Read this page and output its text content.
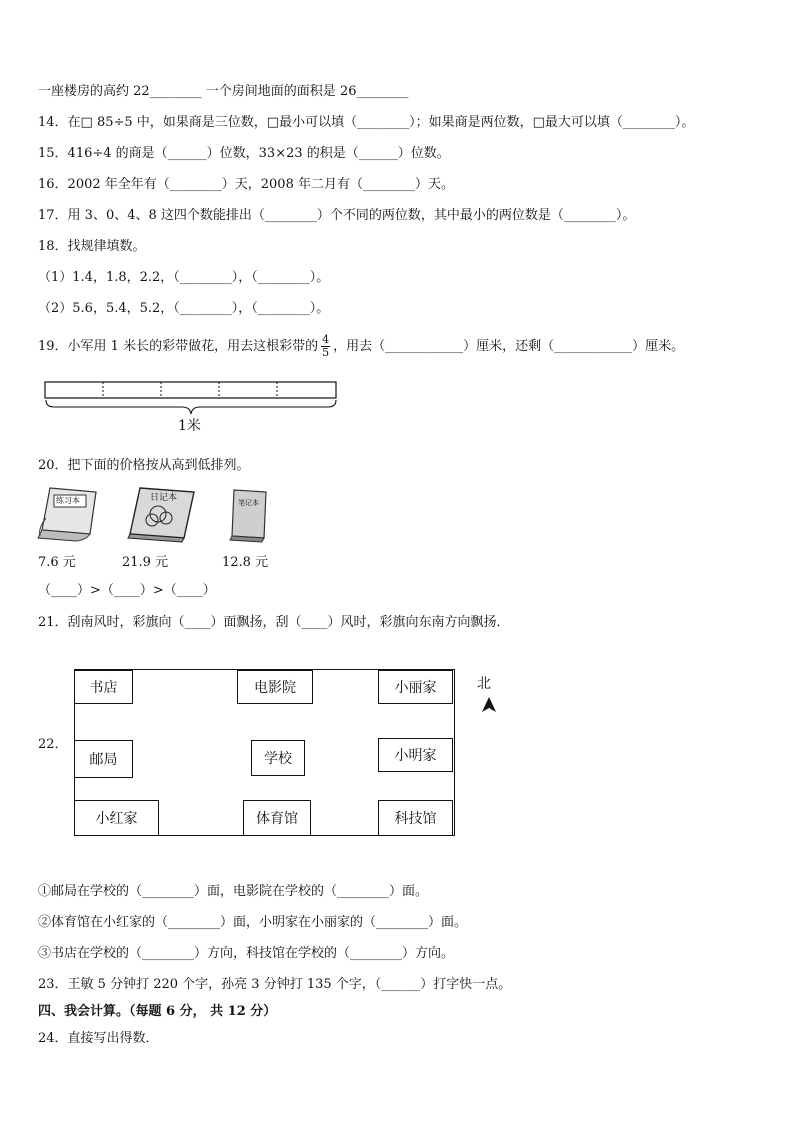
一座楼房的高约 22________ 一个房间地面的面积是 26________
14．在□ 85÷5 中，如果商是三位数，□最小可以填（________）；如果商是两位数，□最大可以填（________）。
15．416÷4 的商是（______）位数，33×23 的积是（______）位数。
16．2002 年全年有（________）天，2008 年二月有（________）天。
17．用 3、0、4、8 这四个数能排出（________）个不同的两位数，其中最小的两位数是（________）。
18．找规律填数。
（1）1.4，1.8，2.2，（________），（________）。
（2）5.6，5.4，5.2，（________），（________）。
19．小军用 1 米长的彩带做花，用去这根彩带的 $\frac{4}{5}$ ，用去（____________）厘米，还剩（____________）厘米。
1米
20．把下面的价格按从高到低排列。
练习本	日记本	笔记本
7.6 元	21.9 元	12.8 元
（____）>（____）>（____）
21．刮南风时，彩旗向（____）面飘扬，刮（____）风时，彩旗向东南方向飘扬．
22．
书店	电影院	小丽家
邮局	学校	小明家
小红家	体育馆	科技馆
北
①邮局在学校的（________）面，电影院在学校的（________）面。
②体育馆在小红家的（________）面，小明家在小丽家的（________）面。
③书店在学校的（________）方向，科技馆在学校的（________）方向。
23．王敏 5 分钟打 220 个字，孙亮 3 分钟打 135 个字，（______）打字快一点。
四、我会计算。（每题 6 分， 共 12 分）
24．直接写出得数．
